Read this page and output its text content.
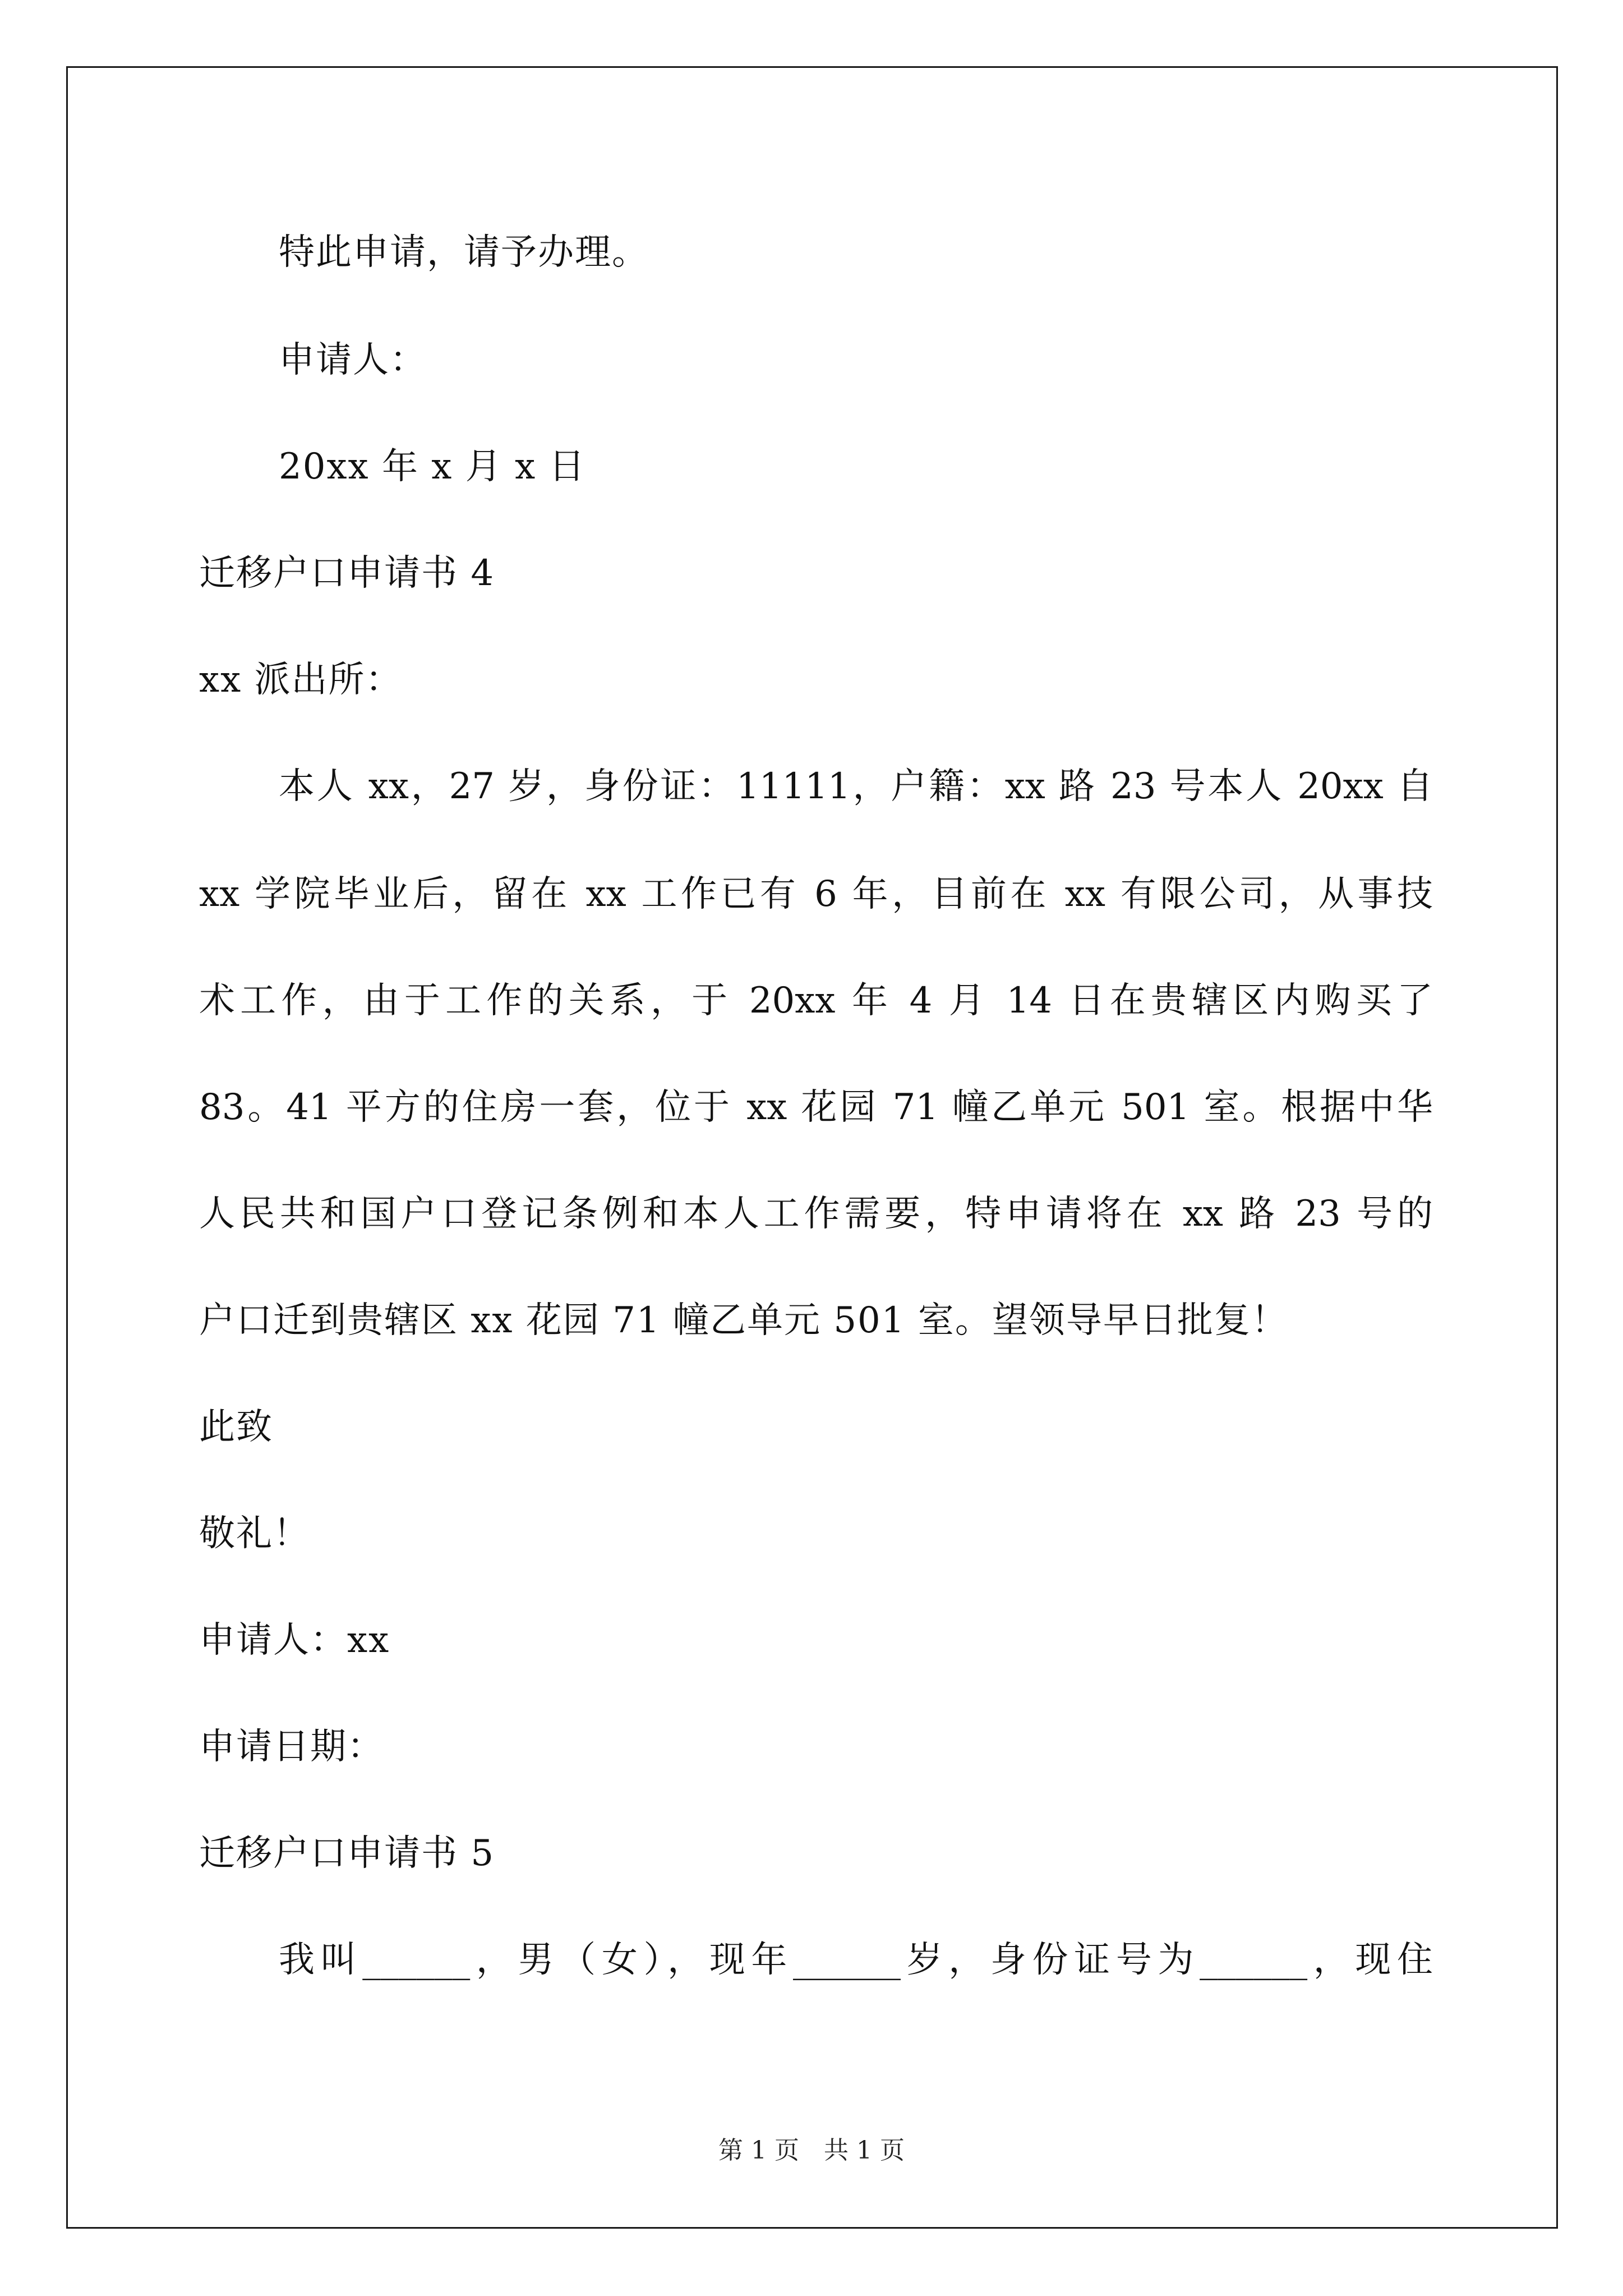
特此申请，请予办理。
申请人：
20xx 年 x 月 x 日
迁移户口申请书 4
xx 派出所：
本人 xx，27 岁，身份证：11111，户籍：xx 路 23 号本人 20xx 自
xx 学院毕业后，留在 xx 工作已有 6 年，目前在 xx 有限公司，从事技
术工作，由于工作的关系，于 20xx 年 4 月 14 日在贵辖区内购买了
83。41 平方的住房一套，位于 xx 花园 71 幢乙单元 501 室。根据中华
人民共和国户口登记条例和本人工作需要，特申请将在 xx 路 23 号的
户口迁到贵辖区 xx 花园 71 幢乙单元 501 室。望领导早日批复！
此致
敬礼！
申请人：xx
申请日期：
迁移户口申请书 5
我叫______，男（女），现年______岁，身份证号为______，现住
第 1 页　共 1 页
